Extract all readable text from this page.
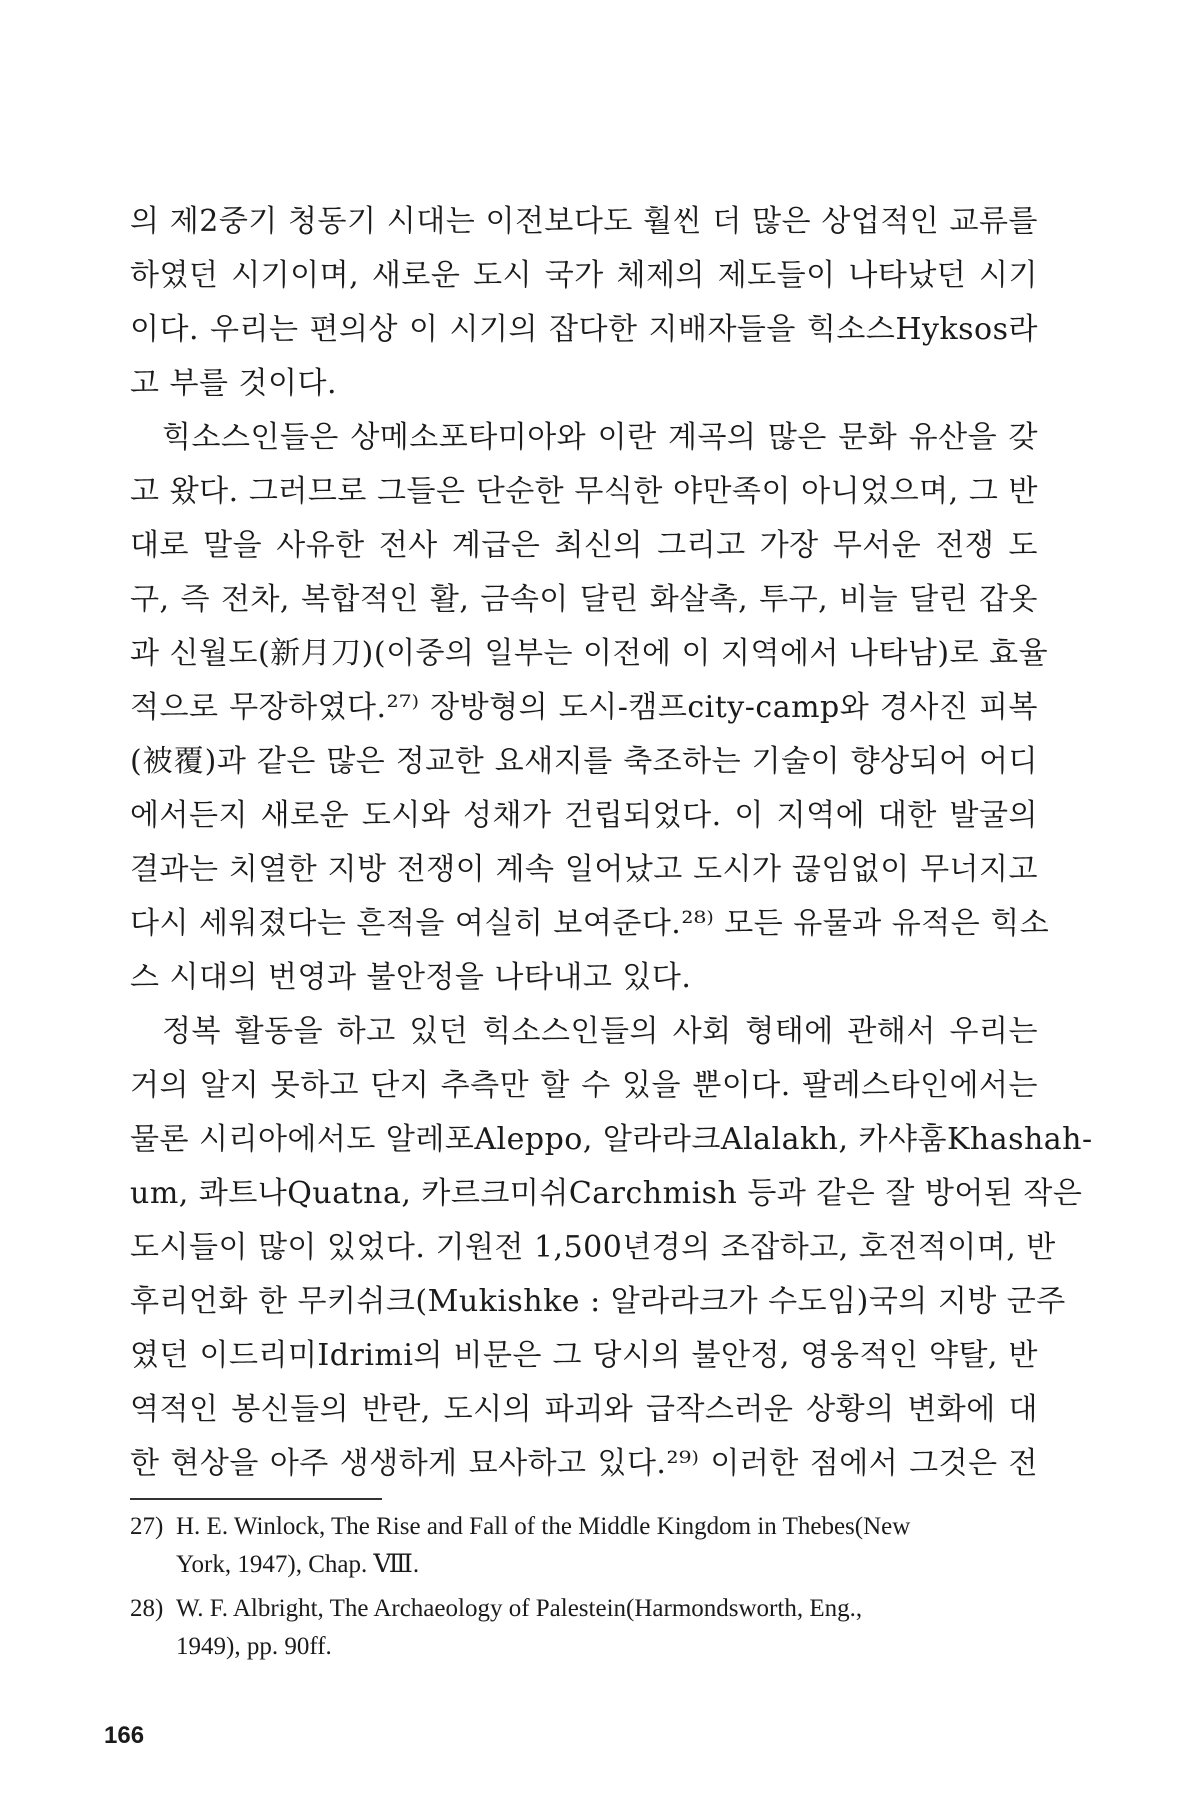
의 제2중기 청동기 시대는 이전보다도 훨씬 더 많은 상업적인 교류를
하였던 시기이며, 새로운 도시 국가 체제의 제도들이 나타났던 시기
이다. 우리는 편의상 이 시기의 잡다한 지배자들을 힉소스Hyksos라
고 부를 것이다.
힉소스인들은 상메소포타미아와 이란 계곡의 많은 문화 유산을 갖
고 왔다. 그러므로 그들은 단순한 무식한 야만족이 아니었으며, 그 반
대로 말을 사유한 전사 계급은 최신의 그리고 가장 무서운 전쟁 도
구, 즉 전차, 복합적인 활, 금속이 달린 화살촉, 투구, 비늘 달린 갑옷
과 신월도(新月刀)(이중의 일부는 이전에 이 지역에서 나타남)로 효율
적으로 무장하였다.²⁷⁾ 장방형의 도시-캠프city-camp와 경사진 피복
(被覆)과 같은 많은 정교한 요새지를 축조하는 기술이 향상되어 어디
에서든지 새로운 도시와 성채가 건립되었다. 이 지역에 대한 발굴의
결과는 치열한 지방 전쟁이 계속 일어났고 도시가 끊임없이 무너지고
다시 세워졌다는 흔적을 여실히 보여준다.²⁸⁾ 모든 유물과 유적은 힉소
스 시대의 번영과 불안정을 나타내고 있다.
정복 활동을 하고 있던 힉소스인들의 사회 형태에 관해서 우리는
거의 알지 못하고 단지 추측만 할 수 있을 뿐이다. 팔레스타인에서는
물론 시리아에서도 알레포Aleppo, 알라라크Alalakh, 카샤훔Khashah-
um, 콰트나Quatna, 카르크미쉬Carchmish 등과 같은 잘 방어된 작은
도시들이 많이 있었다. 기원전 1,500년경의 조잡하고, 호전적이며, 반
후리언화 한 무키쉬크(Mukishke : 알라라크가 수도임)국의 지방 군주
였던 이드리미Idrimi의 비문은 그 당시의 불안정, 영웅적인 약탈, 반
역적인 봉신들의 반란, 도시의 파괴와 급작스러운 상황의 변화에 대
한 현상을 아주 생생하게 묘사하고 있다.²⁹⁾ 이러한 점에서 그것은 전
27) H. E. Winlock, The Rise and Fall of the Middle Kingdom in Thebes(New
York, 1947), Chap. Ⅷ.
28) W. F. Albright, The Archaeology of Palestein(Harmondsworth, Eng.,
1949), pp. 90ff.
166
